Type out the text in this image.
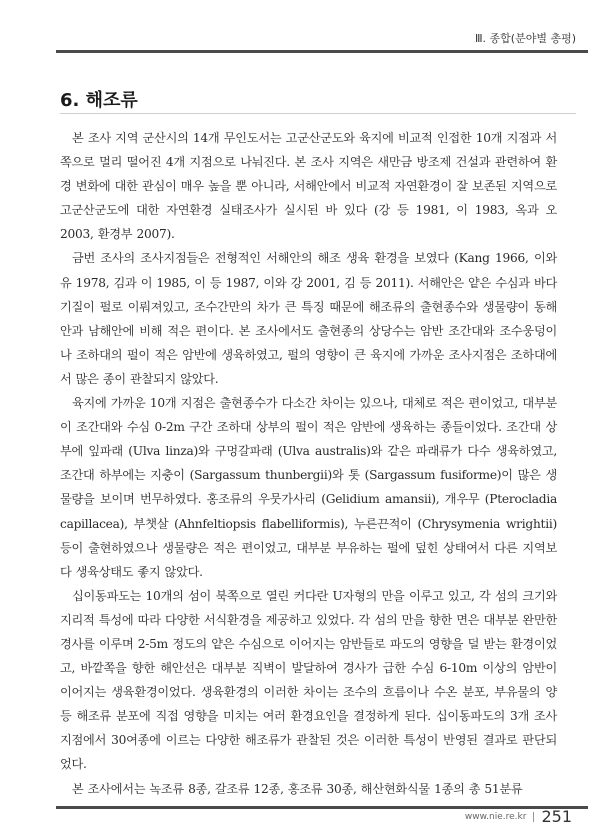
Ⅲ. 종합(분야별 총평)
6. 해조류

본 조사 지역 군산시의 14개 무인도서는 고군산군도와 육지에 비교적 인접한 10개 지점과 서쪽으로 멀리 떨어진 4개 지점으로 나눠진다. 본 조사 지역은 새만금 방조제 건설과 관련하여 환경 변화에 대한 관심이 매우 높을 뿐 아니라, 서해안에서 비교적 자연환경이 잘 보존된 지역으로 고군산군도에 대한 자연환경 실태조사가 실시된 바 있다 (강 등 1981, 이 1983, 옥과 오 2003, 환경부 2007).

금번 조사의 조사지점들은 전형적인 서해안의 해조 생육 환경을 보였다 (Kang 1966, 이와 유 1978, 김과 이 1985, 이 등 1987, 이와 강 2001, 김 등 2011). 서해안은 얕은 수심과 바다기질이 펄로 이뤄져있고, 조수간만의 차가 큰 특징 때문에 해조류의 출현종수와 생물량이 동해안과 남해안에 비해 적은 편이다. 본 조사에서도 출현종의 상당수는 암반 조간대와 조수웅덩이나 조하대의 펄이 적은 암반에 생육하였고, 펄의 영향이 큰 육지에 가까운 조사지점은 조하대에서 많은 종이 관찰되지 않았다.

육지에 가까운 10개 지점은 출현종수가 다소간 차이는 있으나, 대체로 적은 편이었고, 대부분이 조간대와 수심 0-2m 구간 조하대 상부의 펄이 적은 암반에 생육하는 종들이었다. 조간대 상부에 잎파래 (Ulva linza)와 구멍갈파래 (Ulva australis)와 같은 파래류가 다수 생육하였고, 조간대 하부에는 지충이 (Sargassum thunbergii)와 톳 (Sargassum fusiforme)이 많은 생물량을 보이며 번무하였다. 홍조류의 우뭇가사리 (Gelidium amansii), 개우무 (Pterocladia capillacea), 부챗살 (Ahnfeltiopsis flabelliformis), 누른끈적이 (Chrysymenia wrightii) 등이 출현하였으나 생물량은 적은 편이었고, 대부분 부유하는 펄에 덮힌 상태여서 다른 지역보다 생육상태도 좋지 않았다.

십이동파도는 10개의 섬이 북쪽으로 열린 커다란 U자형의 만을 이루고 있고, 각 섬의 크기와 지리적 특성에 따라 다양한 서식환경을 제공하고 있었다. 각 섬의 만을 향한 면은 대부분 완만한 경사를 이루며 2-5m 정도의 얕은 수심으로 이어지는 암반들로 파도의 영향을 덜 받는 환경이었고, 바깥쪽을 향한 해안선은 대부분 직벽이 발달하여 경사가 급한 수심 6-10m 이상의 암반이 이어지는 생육환경이었다. 생육환경의 이러한 차이는 조수의 흐름이나 수온 분포, 부유물의 양 등 해조류 분포에 직접 영향을 미치는 여러 환경요인을 결정하게 된다. 십이동파도의 3개 조사지점에서 30여종에 이르는 다양한 해조류가 관찰된 것은 이러한 특성이 반영된 결과로 판단되었다.

본 조사에서는 녹조류 8종, 갈조류 12종, 홍조류 30종, 해산현화식물 1종의 총 51분류

www.nie.re.kr 251
